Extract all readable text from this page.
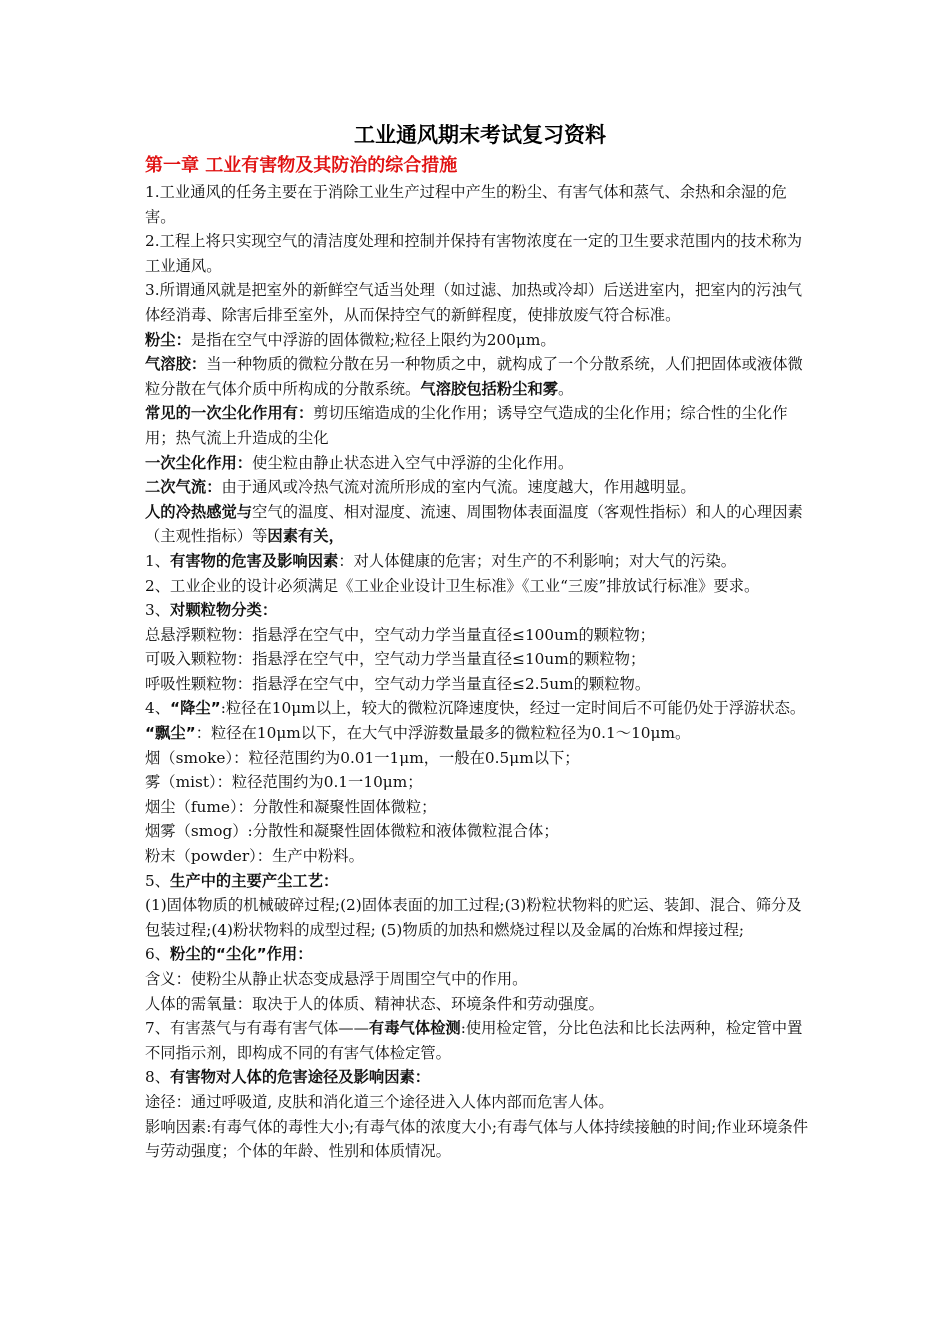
工业通风期末考试复习资料
第一章 工业有害物及其防治的综合措施

1.工业通风的任务主要在于消除工业生产过程中产生的粉尘、有害气体和蒸气、余热和余湿的危害。

2.工程上将只实现空气的清洁度处理和控制并保持有害物浓度在一定的卫生要求范围内的技术称为工业通风。

3.所谓通风就是把室外的新鲜空气适当处理（如过滤、加热或冷却）后送进室内，把室内的污浊气体经消毒、除害后排至室外，从而保持空气的新鲜程度，使排放废气符合标准。

粉尘：是指在空气中浮游的固体微粒;粒径上限约为200μm。

气溶胶：当一种物质的微粒分散在另一种物质之中，就构成了一个分散系统，人们把固体或液体微粒分散在气体介质中所构成的分散系统。气溶胶包括粉尘和雾。

常见的一次尘化作用有：剪切压缩造成的尘化作用；诱导空气造成的尘化作用；综合性的尘化作用；热气流上升造成的尘化

一次尘化作用：使尘粒由静止状态进入空气中浮游的尘化作用。

二次气流：由于通风或冷热气流对流所形成的室内气流。速度越大，作用越明显。

人的冷热感觉与空气的温度、相对湿度、流速、周围物体表面温度（客观性指标）和人的心理因素（主观性指标）等因素有关，

1、有害物的危害及影响因素：对人体健康的危害；对生产的不利影响；对大气的污染。

2、工业企业的设计必须满足《工业企业设计卫生标准》《工业“三废”排放试行标准》要求。

3、对颗粒物分类：

总悬浮颗粒物：指悬浮在空气中，空气动力学当量直径≤100um的颗粒物；

可吸入颗粒物：指悬浮在空气中，空气动力学当量直径≤10um的颗粒物；

呼吸性颗粒物：指悬浮在空气中，空气动力学当量直径≤2.5um的颗粒物。

4、“降尘”:粒径在10μm以上，较大的微粒沉降速度快，经过一定时间后不可能仍处于浮游状态。

“飘尘”：粒径在10μm以下，在大气中浮游数量最多的微粒粒径为0.1～10μm。

烟（smoke）：粒径范围约为0.01一1μm，一般在0.5μm以下；

雾（mist）：粒径范围约为0.1一10μm；

烟尘（fume）：分散性和凝聚性固体微粒；

烟雾（smog）:分散性和凝聚性固体微粒和液体微粒混合体；

粉末（powder）：生产中粉料。

5、生产中的主要产尘工艺：

(1)固体物质的机械破碎过程;(2)固体表面的加工过程;(3)粉粒状物料的贮运、装卸、混合、筛分及包装过程;(4)粉状物料的成型过程; (5)物质的加热和燃烧过程以及金属的冶炼和焊接过程;

6、粉尘的“尘化”作用：

含义：使粉尘从静止状态变成悬浮于周围空气中的作用。

人体的需氧量：取决于人的体质、精神状态、环境条件和劳动强度。

7、有害蒸气与有毒有害气体——有毒气体检测:使用检定管，分比色法和比长法两种，检定管中置不同指示剂，即构成不同的有害气体检定管。

8、有害物对人体的危害途径及影响因素：

途径：通过呼吸道, 皮肤和消化道三个途径进入人体内部而危害人体。

影响因素:有毒气体的毒性大小;有毒气体的浓度大小;有毒气体与人体持续接触的时间;作业环境条件与劳动强度；个体的年龄、性别和体质情况。
